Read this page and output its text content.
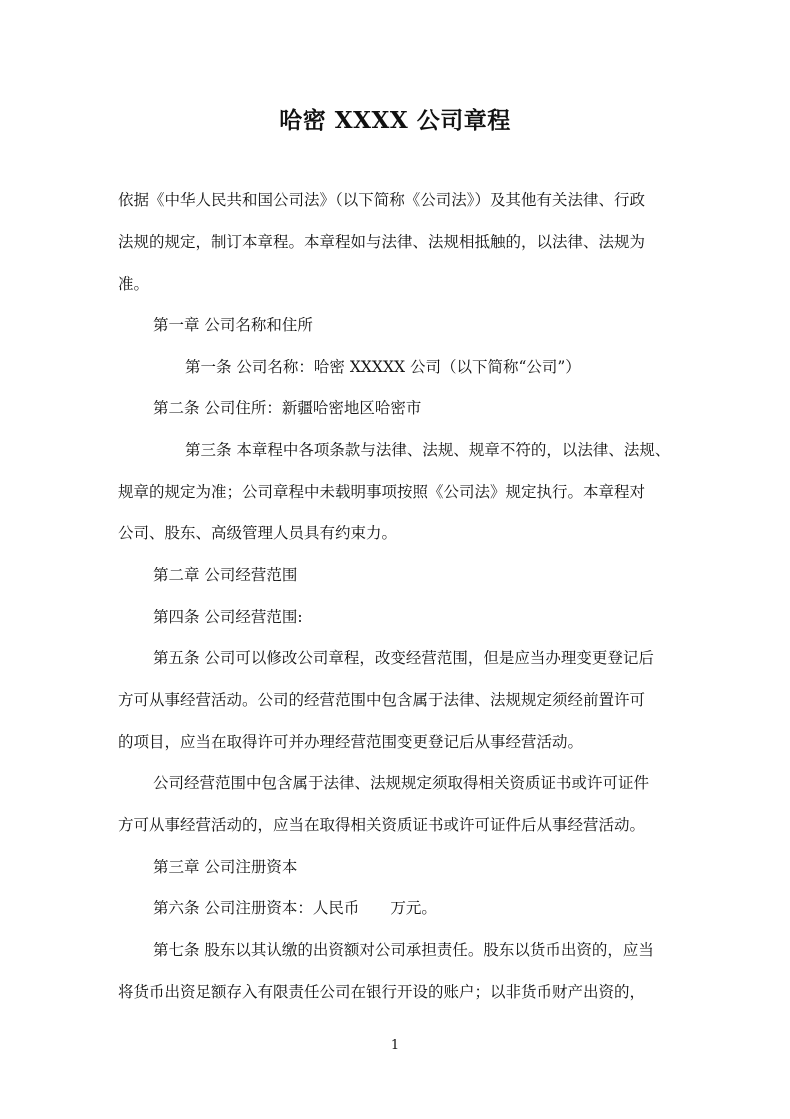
哈密 XXXX 公司章程
依据《中华人民共和国公司法》（以下简称《公司法》）及其他有关法律、行政
法规的规定，制订本章程。本章程如与法律、法规相抵触的，以法律、法规为
准。
第一章 公司名称和住所
第一条 公司名称：哈密 XXXXX 公司（以下简称“公司”）
第二条 公司住所：新疆哈密地区哈密市
第三条 本章程中各项条款与法律、法规、规章不符的，以法律、法规、
规章的规定为准；公司章程中未载明事项按照《公司法》规定执行。本章程对
公司、股东、高级管理人员具有约束力。
第二章 公司经营范围
第四条 公司经营范围:
第五条 公司可以修改公司章程，改变经营范围，但是应当办理变更登记后
方可从事经营活动。公司的经营范围中包含属于法律、法规规定须经前置许可
的项目，应当在取得许可并办理经营范围变更登记后从事经营活动。
公司经营范围中包含属于法律、法规规定须取得相关资质证书或许可证件
方可从事经营活动的，应当在取得相关资质证书或许可证件后从事经营活动。
第三章 公司注册资本
第六条 公司注册资本：人民币　　万元。
第七条 股东以其认缴的出资额对公司承担责任。股东以货币出资的，应当
将货币出资足额存入有限责任公司在银行开设的账户；以非货币财产出资的，
1
